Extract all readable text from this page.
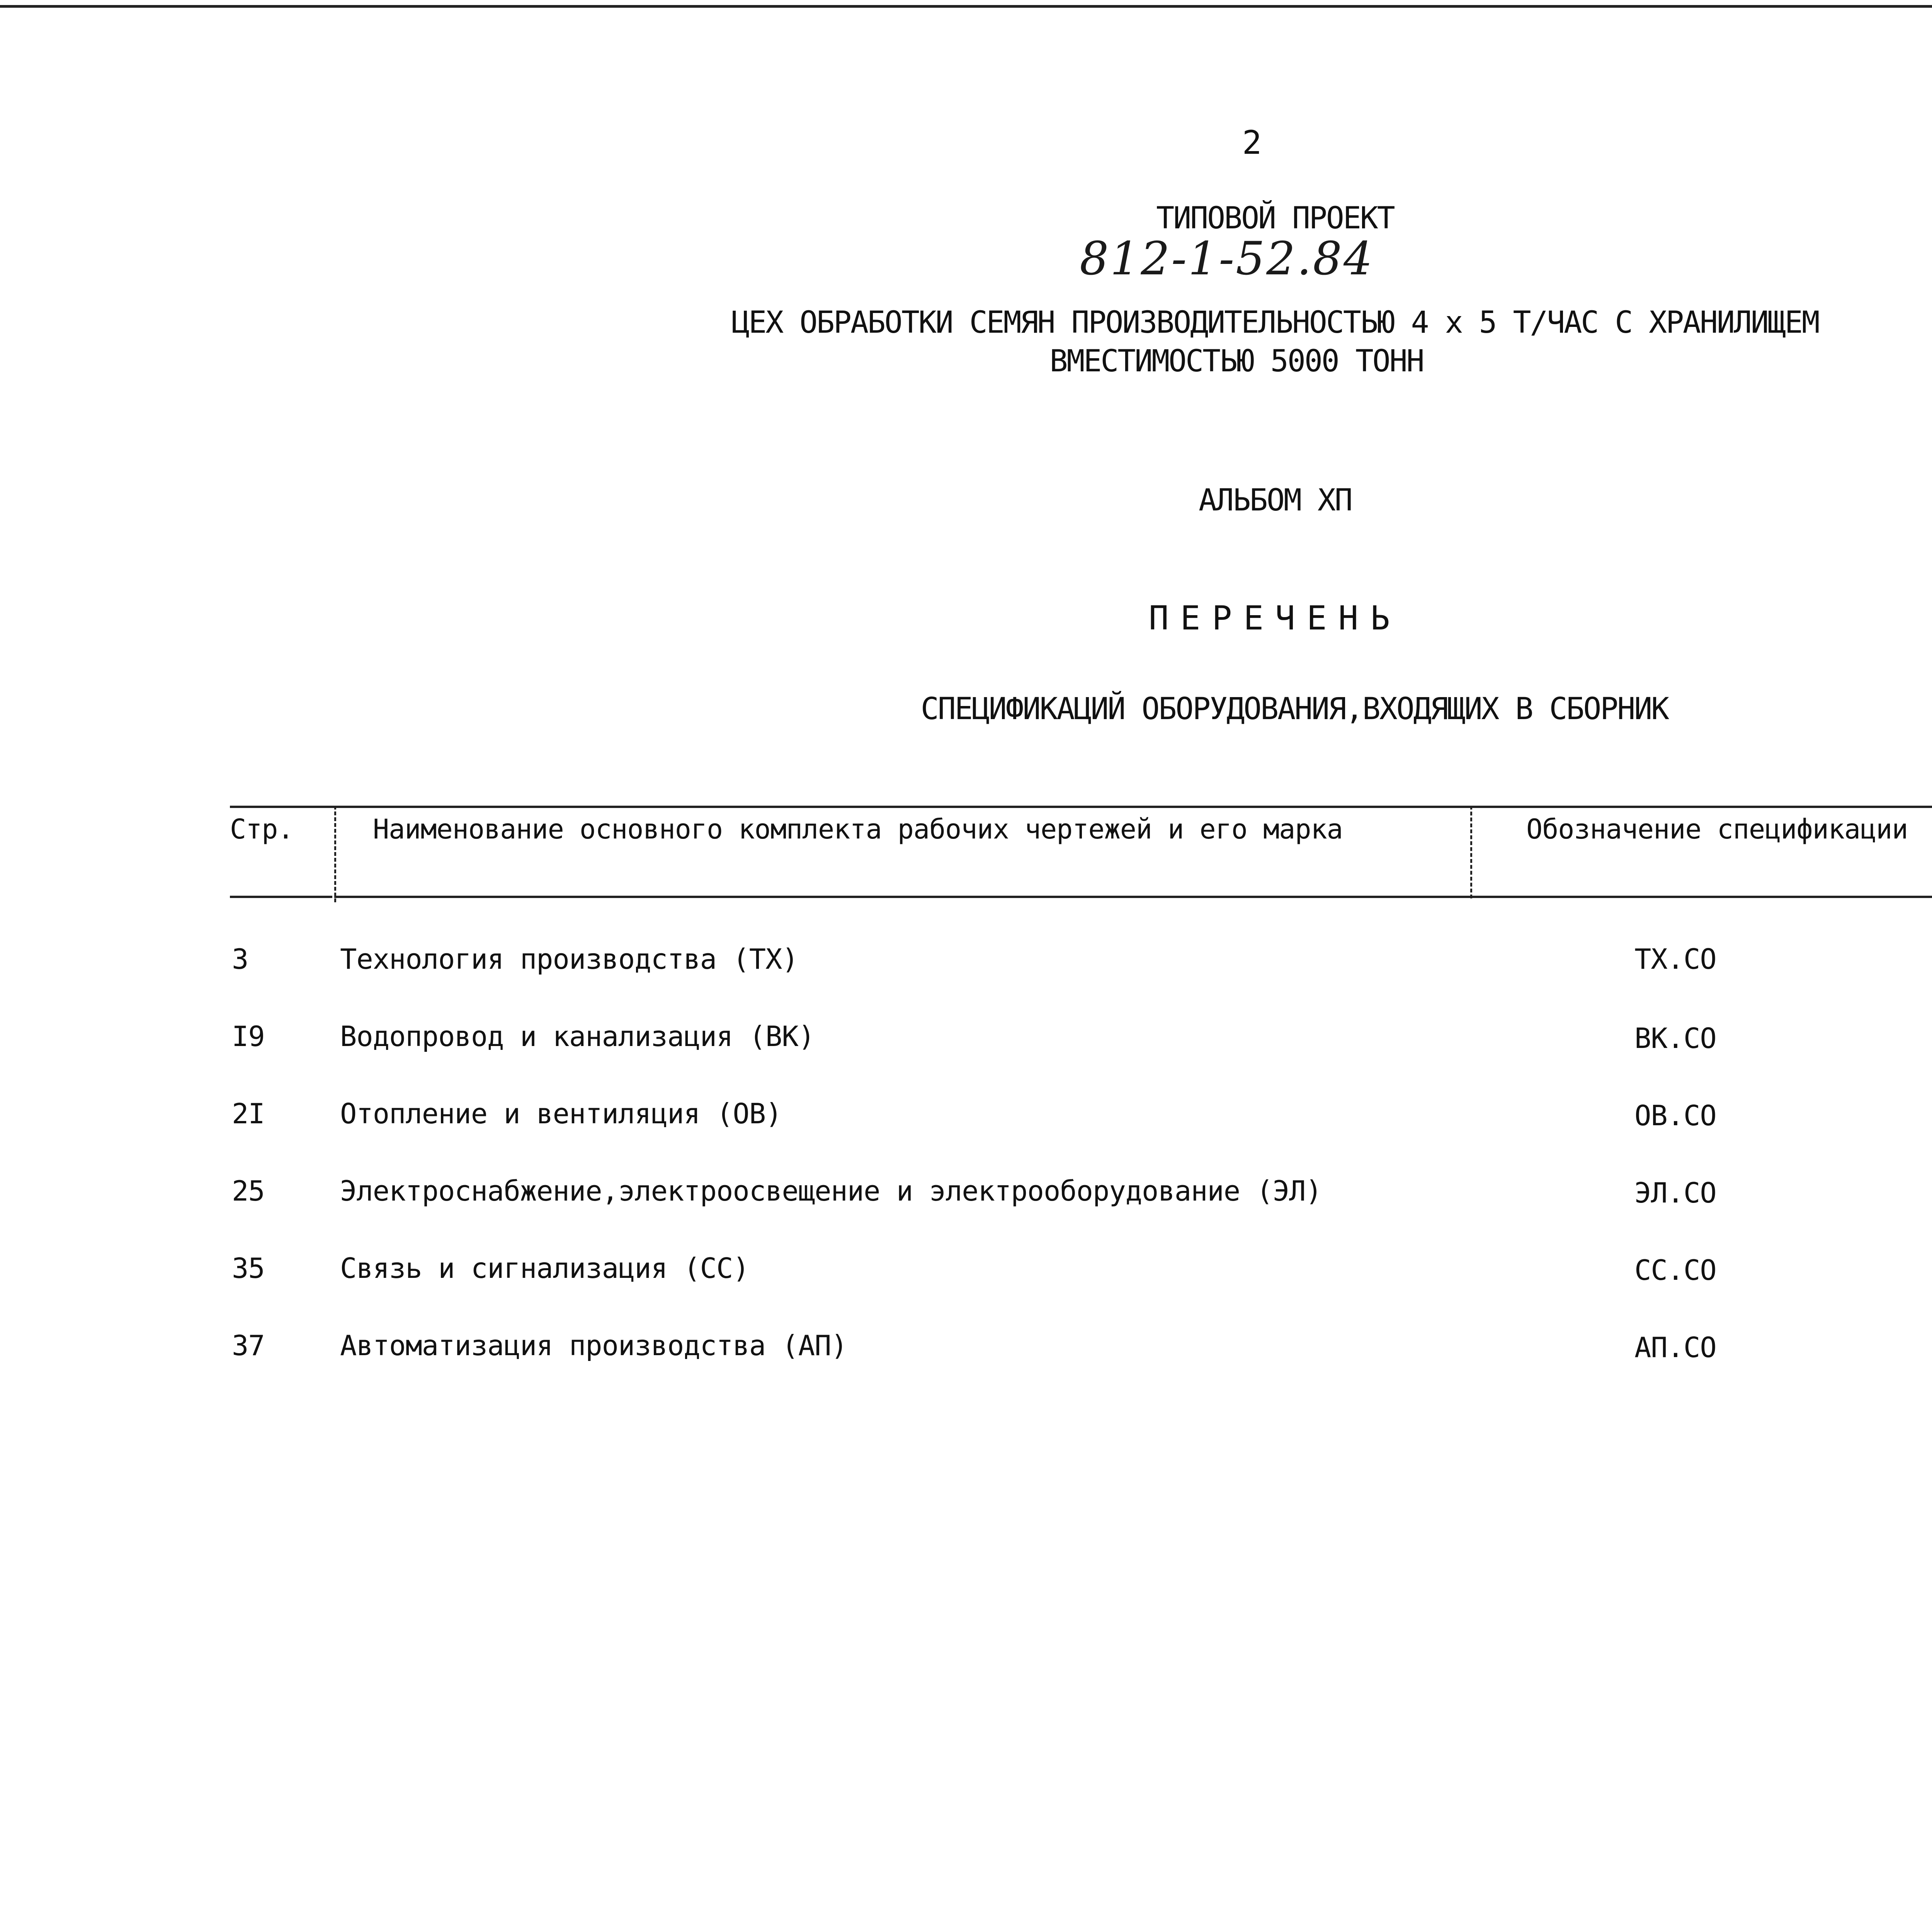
2
ТИПОВОЙ ПРОЕКТ
812-1-52.84
ЦЕХ ОБРАБОТКИ СЕМЯН ПРОИЗВОДИТЕЛЬНОСТЬЮ 4 х 5 Т/ЧАС С ХРАНИЛИЩЕМ
ВМЕСТИМОСТЬЮ 5000 ТОНН
АЛЬБОМ ХП
ПЕРЕЧЕНЬ
СПЕЦИФИКАЦИЙ ОБОРУДОВАНИЯ,ВХОДЯЩИХ В СБОРНИК
Стр.	Наименование основного комплекта рабочих чертежей и его марка	Обозначение спецификации
3	Технология производства (ТХ)	ТХ.СО
I9	Водопровод и канализация (ВК)	ВК.СО
2I	Отопление и вентиляция (ОВ)	ОВ.СО
25	Электроснабжение,электроосвещение и электрооборудование (ЭЛ)	ЭЛ.СО
35	Связь и сигнализация (СС)	СС.СО
37	Автоматизация производства (АП)	АП.СО
